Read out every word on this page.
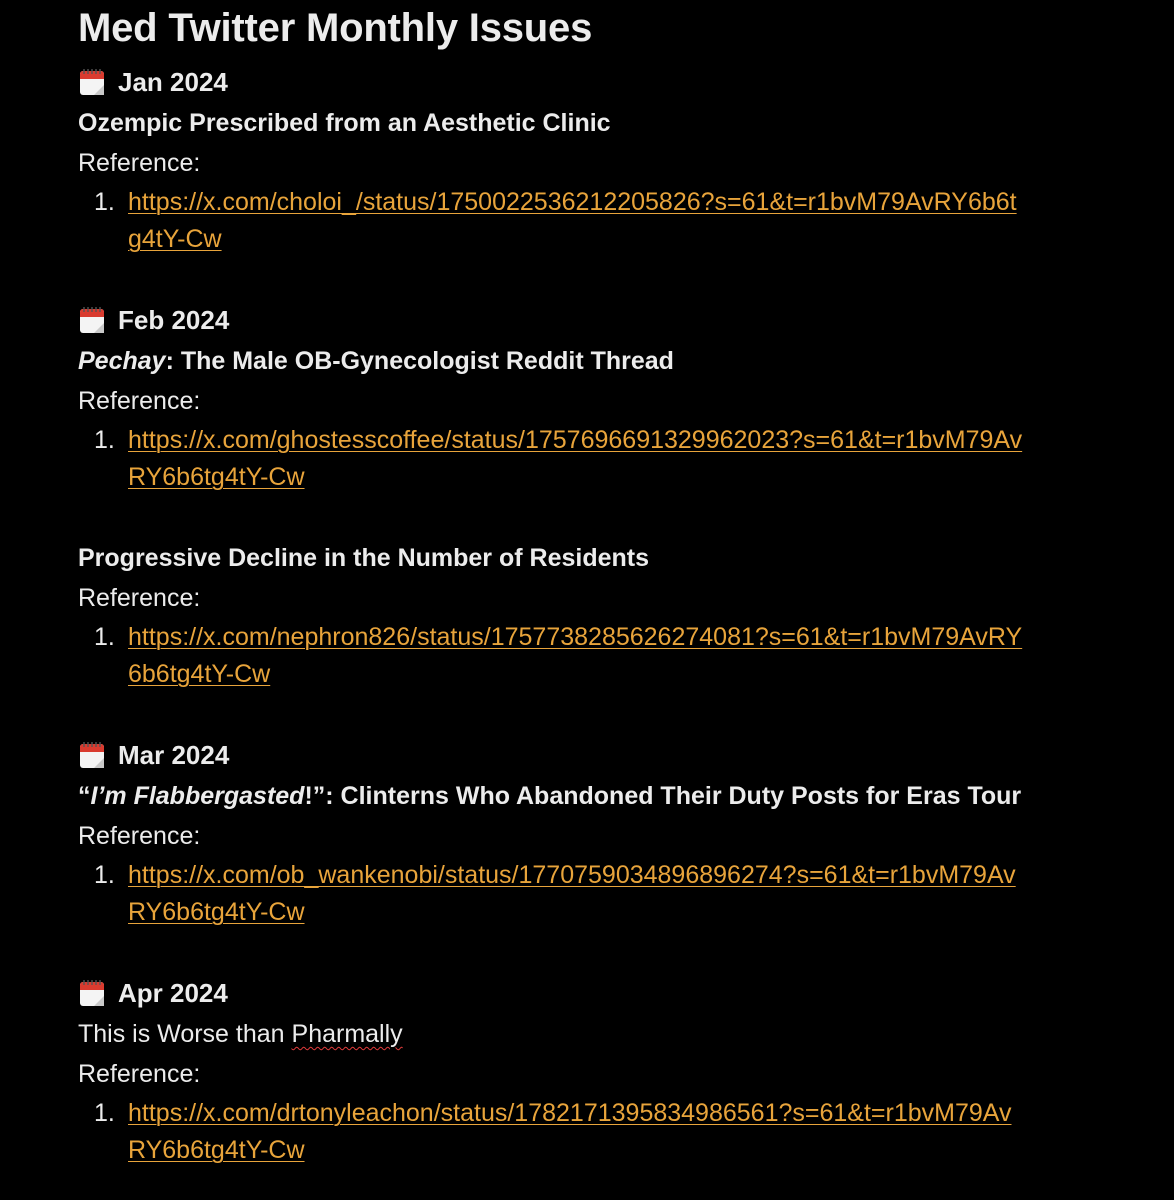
Med Twitter Monthly Issues
Jan 2024
Ozempic Prescribed from an Aesthetic Clinic
Reference:
1. https://x.com/choloi_/status/1750022536212205826?s=61&t=r1bvM79AvRY6b6tg4tY-Cw
Feb 2024
Pechay: The Male OB-Gynecologist Reddit Thread
Reference:
1. https://x.com/ghostesscoffee/status/1757696691329962023?s=61&t=r1bvM79AvRY6b6tg4tY-Cw
Progressive Decline in the Number of Residents
Reference:
1. https://x.com/nephron826/status/1757738285626274081?s=61&t=r1bvM79AvRY6b6tg4tY-Cw
Mar 2024
“I’m Flabbergasted!”: Clinterns Who Abandoned Their Duty Posts for Eras Tour
Reference:
1. https://x.com/ob_wankenobi/status/1770759034896896274?s=61&t=r1bvM79AvRY6b6tg4tY-Cw
Apr 2024
This is Worse than Pharmally
Reference:
1. https://x.com/drtonyleachon/status/1782171395834986561?s=61&t=r1bvM79AvRY6b6tg4tY-Cw
